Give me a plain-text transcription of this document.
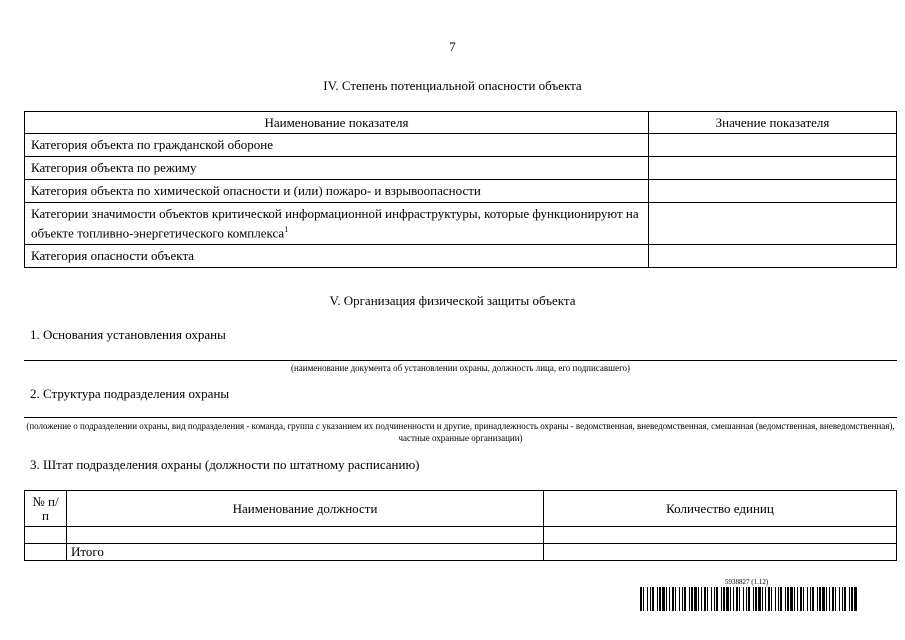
7
IV. Степень потенциальной опасности объекта
Наименование показателя	Значение показателя
Категория объекта по гражданской обороне	
Категория объекта по режиму	
Категория объекта по химической опасности и (или) пожаро- и взрывоопасности	
Категории значимости объектов критической информационной инфраструктуры, которые функционируют на объекте топливно-энергетического комплекса$^1$	
Категория опасности объекта	
V. Организация физической защиты объекта
1. Основания установления охраны
(наименование документа об установлении охраны, должность лица, его подписавшего)
2. Структура подразделения охраны
(положение о подразделении охраны, вид подразделения - команда, группа с указанием их подчиненности и другие, принадлежность охраны - ведомственная, вневедомственная, смешанная (ведомственная, вневедомственная), частные охранные организации)
3. Штат подразделения охраны (должности по штатному расписанию)
№ п/п	Наименование должности	Количество единиц

	Итого	
5938827 (1.12)
